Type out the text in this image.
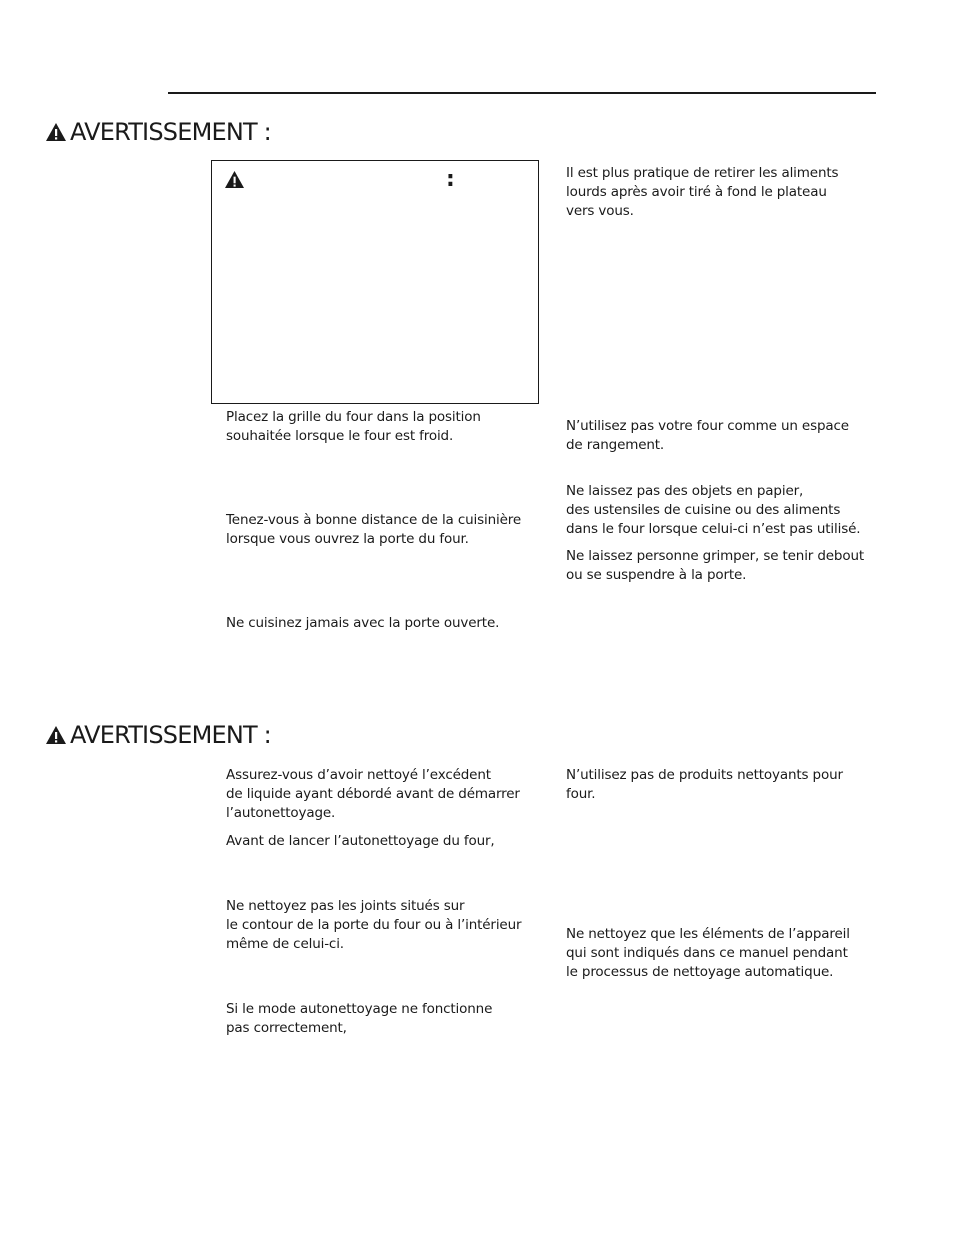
AVERTISSEMENT :
:
Placez la grille du four dans la position
souhaitée lorsque le four est froid.
Tenez-vous à bonne distance de la cuisinière
lorsque vous ouvrez la porte du four.
Ne cuisinez jamais avec la porte ouverte.
Il est plus pratique de retirer les aliments
lourds après avoir tiré à fond le plateau
vers vous.
N’utilisez pas votre four comme un espace
de rangement.
Ne laissez pas des objets en papier,
des ustensiles de cuisine ou des aliments
dans le four lorsque celui-ci n’est pas utilisé.
Ne laissez personne grimper, se tenir debout
ou se suspendre à la porte.
AVERTISSEMENT :
Assurez-vous d’avoir nettoyé l’excédent
de liquide ayant débordé avant de démarrer
l’autonettoyage.
Avant de lancer l’autonettoyage du four,
Ne nettoyez pas les joints situés sur
le contour de la porte du four ou à l’intérieur
même de celui-ci.
Si le mode autonettoyage ne fonctionne
pas correctement,
N’utilisez pas de produits nettoyants pour
four.
Ne nettoyez que les éléments de l’appareil
qui sont indiqués dans ce manuel pendant
le processus de nettoyage automatique.
